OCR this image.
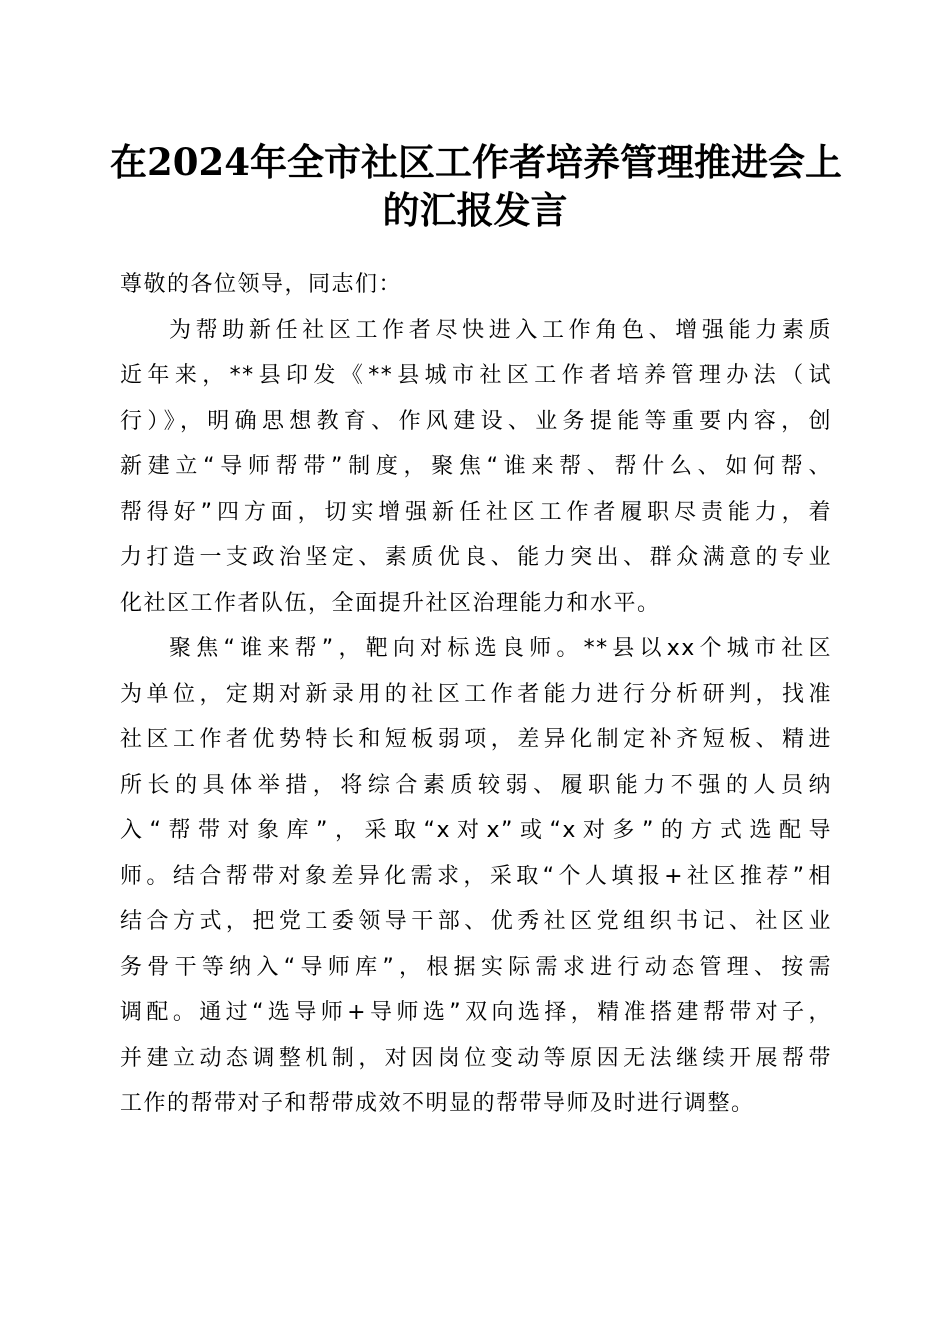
在2024年全市社区工作者培养管理推进会上
的汇报发言

尊敬的各位领导，同志们：

为帮助新任社区工作者尽快进入工作角色、增强能力素质
近年来，**县印发《**县城市社区工作者培养管理办法（试
行）》，明确思想教育、作风建设、业务提能等重要内容，创
新建立“导师帮带”制度，聚焦“谁来帮、帮什么、如何帮、
帮得好”四方面，切实增强新任社区工作者履职尽责能力，着
力打造一支政治坚定、素质优良、能力突出、群众满意的专业
化社区工作者队伍，全面提升社区治理能力和水平。
聚焦“谁来帮”，靶向对标选良师。**县以xx个城市社区
为单位，定期对新录用的社区工作者能力进行分析研判，找准
社区工作者优势特长和短板弱项，差异化制定补齐短板、精进
所长的具体举措，将综合素质较弱、履职能力不强的人员纳
入“帮带对象库”，采取“x对x”或“x对多”的方式选配导
师。结合帮带对象差异化需求，采取“个人填报+社区推荐”相
结合方式，把党工委领导干部、优秀社区党组织书记、社区业
务骨干等纳入“导师库”，根据实际需求进行动态管理、按需
调配。通过“选导师+导师选”双向选择，精准搭建帮带对子，
并建立动态调整机制，对因岗位变动等原因无法继续开展帮带
工作的帮带对子和帮带成效不明显的帮带导师及时进行调整。
